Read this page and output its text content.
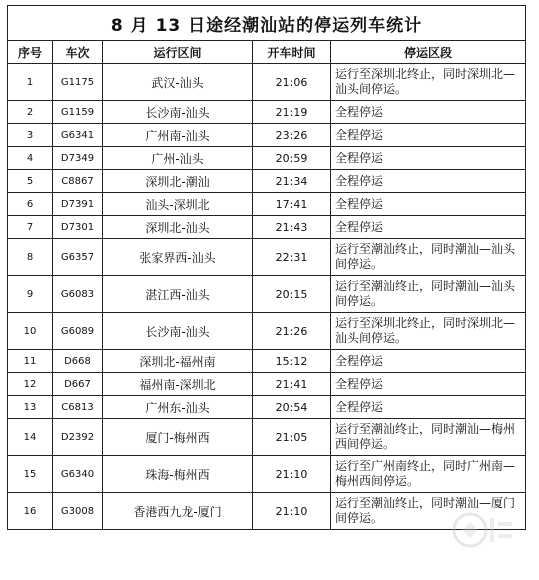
8 月 13 日途经潮汕站的停运列车统计				
序号	车次	运行区间	开车时间	停运区段
1	G1175	武汉-汕头	21:06	运行至深圳北终止，同时深圳北—汕头间停运。
2	G1159	长沙南-汕头	21:19	全程停运
3	G6341	广州南-汕头	23:26	全程停运
4	D7349	广州-汕头	20:59	全程停运
5	C8867	深圳北-潮汕	21:34	全程停运
6	D7391	汕头-深圳北	17:41	全程停运
7	D7301	深圳北-汕头	21:43	全程停运
8	G6357	张家界西-汕头	22:31	运行至潮汕终止，同时潮汕—汕头间停运。
9	G6083	湛江西-汕头	20:15	运行至潮汕终止，同时潮汕—汕头间停运。
10	G6089	长沙南-汕头	21:26	运行至深圳北终止，同时深圳北—汕头间停运。
11	D668	深圳北-福州南	15:12	全程停运
12	D667	福州南-深圳北	21:41	全程停运
13	C6813	广州东-汕头	20:54	全程停运
14	D2392	厦门-梅州西	21:05	运行至潮汕终止，同时潮汕—梅州西间停运。
15	G6340	珠海-梅州西	21:10	运行至广州南终止，同时广州南—梅州西间停运。
16	G3008	香港西九龙-厦门	21:10	运行至潮汕终止，同时潮汕—厦门间停运。
